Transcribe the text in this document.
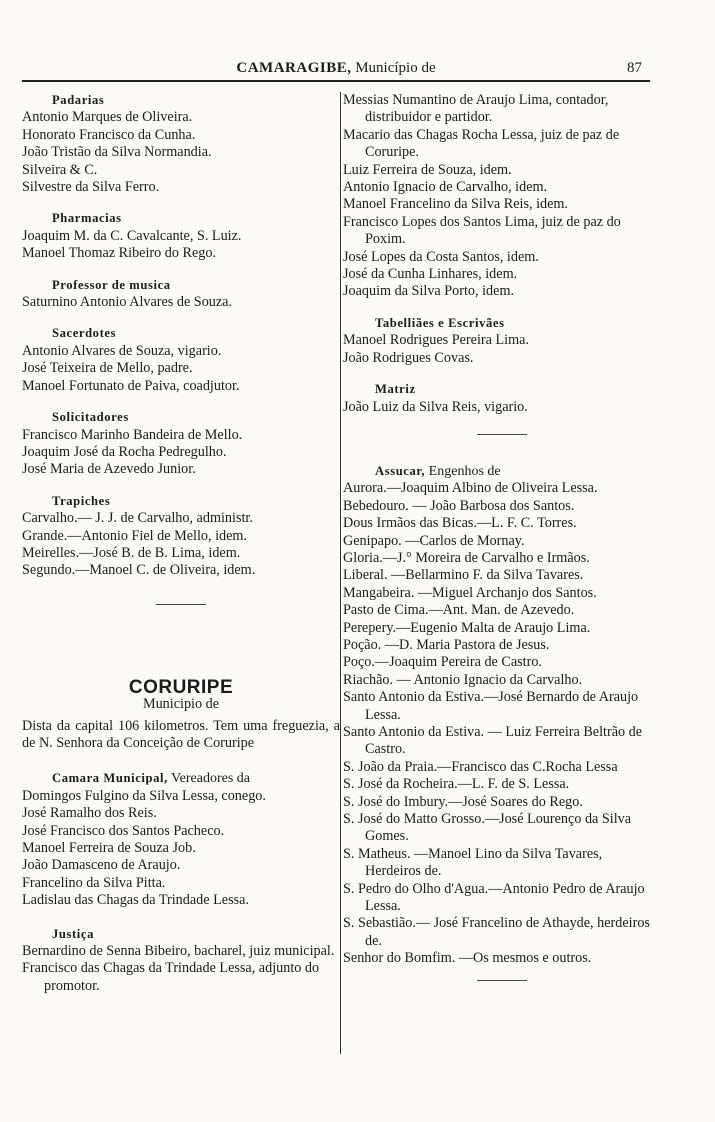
CAMARAGIBE, Município de	87
Padarias
Antonio Marques de Oliveira.
Honorato Francisco da Cunha.
João Tristão da Silva Normandia.
Silveira & C.
Silvestre da Silva Ferro.
Pharmacias
Joaquim M. da C. Cavalcante, S. Luiz.
Manoel Thomaz Ribeiro do Rego.
Professor de musica
Saturnino Antonio Alvares de Souza.
Sacerdotes
Antonio Alvares de Souza, vigario.
José Teixeira de Mello, padre.
Manoel Fortunato de Paiva, coadjutor.
Solicitadores
Francisco Marinho Bandeira de Mello.
Joaquim José da Rocha Pedregulho.
José Maria de Azevedo Junior.
Trapiches
Carvalho.— J. J. de Carvalho, administr.
Grande.—Antonio Fiel de Mello, idem.
Meirelles.—José B. de B. Lima, idem.
Segundo.—Manoel C. de Oliveira, idem.
CORURIPE
Municipio de
Dista da capital 106 kilometros. Tem uma freguezia, a de N. Senhora da Conceição de Coruripe
Camara Municipal, Vereadores da
Domingos Fulgino da Silva Lessa, conego.
José Ramalho dos Reis.
José Francisco dos Santos Pacheco.
Manoel Ferreira de Souza Job.
João Damasceno de Araujo.
Francelino da Silva Pitta.
Ladislau das Chagas da Trindade Lessa.
Justiça
Bernardino de Senna Bibeiro, bacharel, juiz municipal.
Francisco das Chagas da Trindade Lessa, adjunto do promotor.
Messias Numantino de Araujo Lima, contador, distribuidor e partidor.
Macario das Chagas Rocha Lessa, juiz de paz de Coruripe.
Luiz Ferreira de Souza, idem.
Antonio Ignacio de Carvalho, idem.
Manoel Francelino da Silva Reis, idem.
Francisco Lopes dos Santos Lima, juiz de paz do Poxim.
José Lopes da Costa Santos, idem.
José da Cunha Linhares, idem.
Joaquim da Silva Porto, idem.
Tabelliães e Escrivães
Manoel Rodrigues Pereira Lima.
João Rodrigues Covas.
Matriz
João Luiz da Silva Reis, vigario.
Assucar, Engenhos de
Aurora.—Joaquim Albino de Oliveira Lessa.
Bebedouro. — João Barbosa dos Santos.
Dous Irmãos das Bicas.—L. F. C. Torres.
Genipapo. —Carlos de Mornay.
Gloria.—J.° Moreira de Carvalho e Irmãos.
Liberal. —Bellarmino F. da Silva Tavares.
Mangabeira. —Miguel Archanjo dos Santos.
Pasto de Cima.—Ant. Man. de Azevedo.
Perepery.—Eugenio Malta de Araujo Lima.
Poção. —D. Maria Pastora de Jesus.
Poço.—Joaquim Pereira de Castro.
Riachão. — Antonio Ignacio da Carvalho.
Santo Antonio da Estiva.—José Bernardo de Araujo Lessa.
Santo Antonio da Estiva. — Luiz Ferreira Beltrão de Castro.
S. João da Praia.—Francisco das C.Rocha Lessa
S. José da Rocheira.—L. F. de S. Lessa.
S. José do Imbury.—José Soares do Rego.
S. José do Matto Grosso.—José Lourenço da Silva Gomes.
S. Matheus. —Manoel Lino da Silva Tavares, Herdeiros de.
S. Pedro do Olho d'Agua.—Antonio Pedro de Araujo Lessa.
S. Sebastião.— José Francelino de Athayde, herdeiros de.
Senhor do Bomfim. —Os mesmos e outros.
